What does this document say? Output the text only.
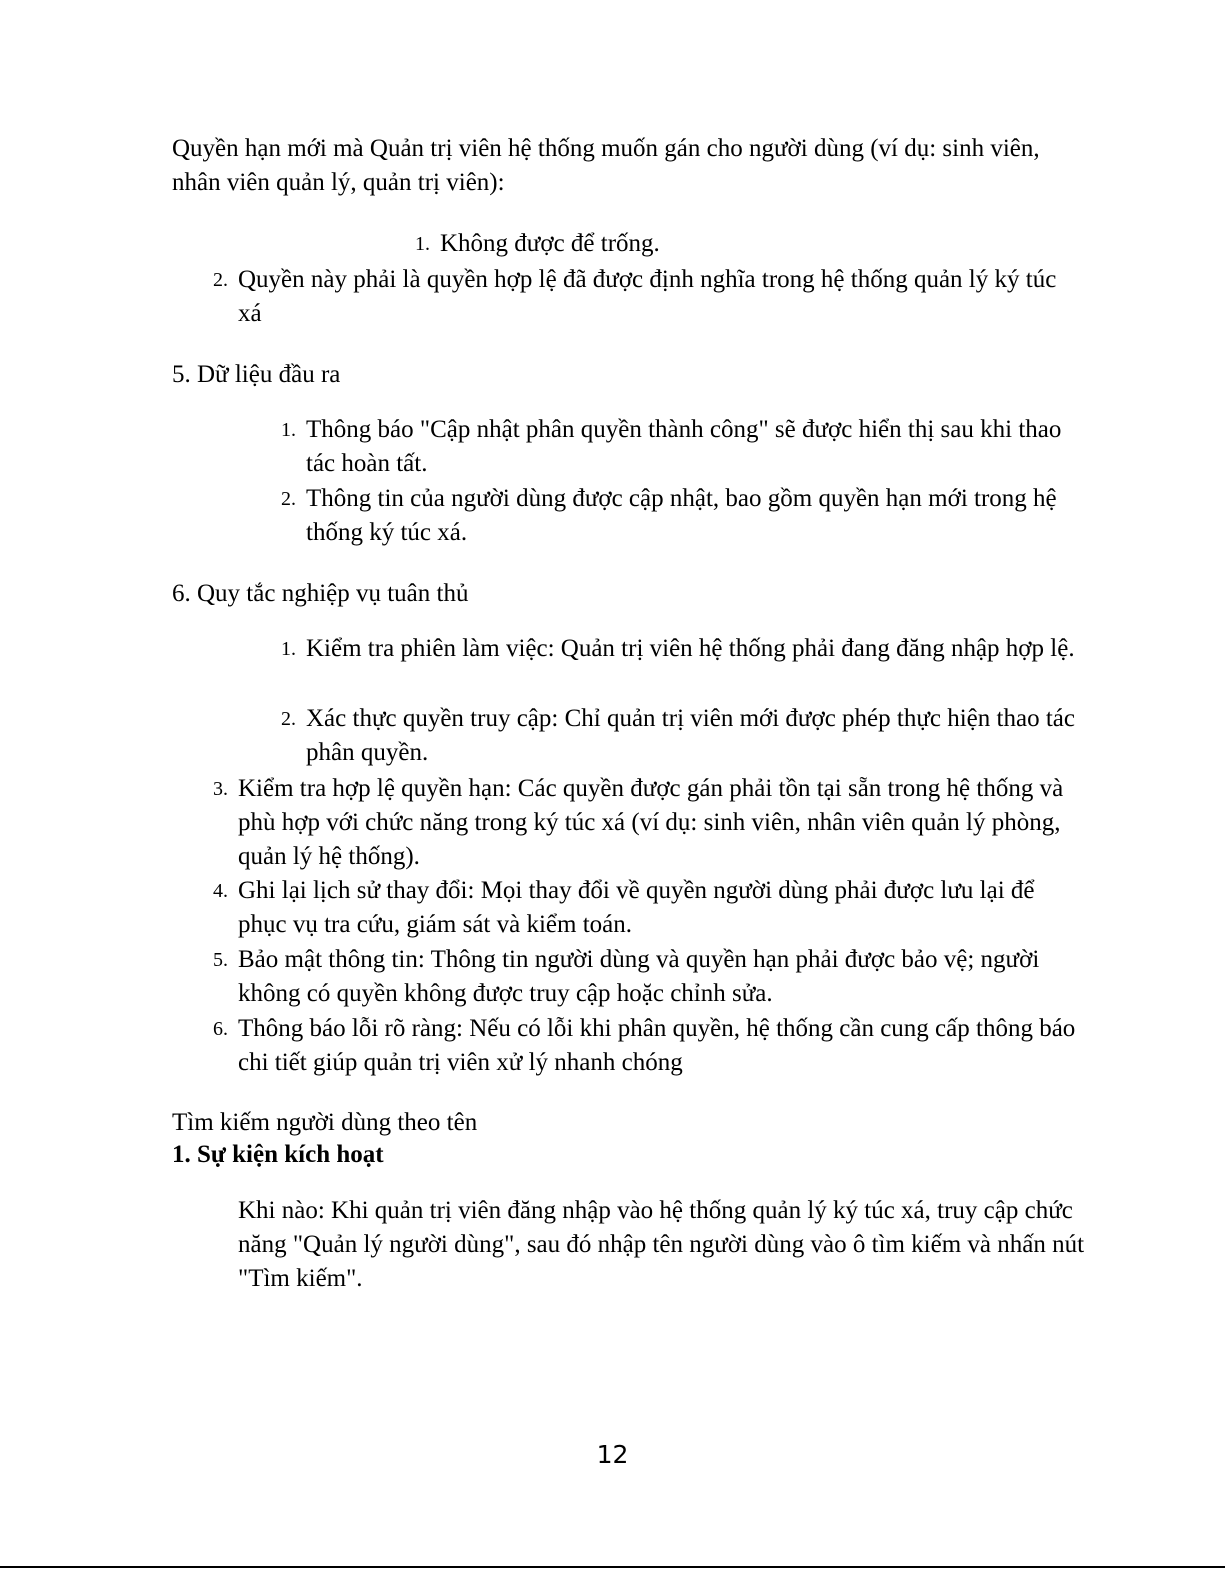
Quyền hạn mới mà Quản trị viên hệ thống muốn gán cho người dùng (ví dụ: sinh viên, nhân viên quản lý, quản trị viên):

1. Không được để trống.
2. Quyền này phải là quyền hợp lệ đã được định nghĩa trong hệ thống quản lý ký túc xá

5. Dữ liệu đầu ra

1. Thông báo "Cập nhật phân quyền thành công" sẽ được hiển thị sau khi thao tác hoàn tất.
2. Thông tin của người dùng được cập nhật, bao gồm quyền hạn mới trong hệ thống ký túc xá.

6. Quy tắc nghiệp vụ tuân thủ

1. Kiểm tra phiên làm việc: Quản trị viên hệ thống phải đang đăng nhập hợp lệ.
2. Xác thực quyền truy cập: Chỉ quản trị viên mới được phép thực hiện thao tác phân quyền.
3. Kiểm tra hợp lệ quyền hạn: Các quyền được gán phải tồn tại sẵn trong hệ thống và phù hợp với chức năng trong ký túc xá (ví dụ: sinh viên, nhân viên quản lý phòng, quản lý hệ thống).
4. Ghi lại lịch sử thay đổi: Mọi thay đổi về quyền người dùng phải được lưu lại để phục vụ tra cứu, giám sát và kiểm toán.
5. Bảo mật thông tin: Thông tin người dùng và quyền hạn phải được bảo vệ; người không có quyền không được truy cập hoặc chỉnh sửa.
6. Thông báo lỗi rõ ràng: Nếu có lỗi khi phân quyền, hệ thống cần cung cấp thông báo chi tiết giúp quản trị viên xử lý nhanh chóng

Tìm kiếm người dùng theo tên

1. Sự kiện kích hoạt

Khi nào: Khi quản trị viên đăng nhập vào hệ thống quản lý ký túc xá, truy cập chức năng "Quản lý người dùng", sau đó nhập tên người dùng vào ô tìm kiếm và nhấn nút "Tìm kiếm".

12
